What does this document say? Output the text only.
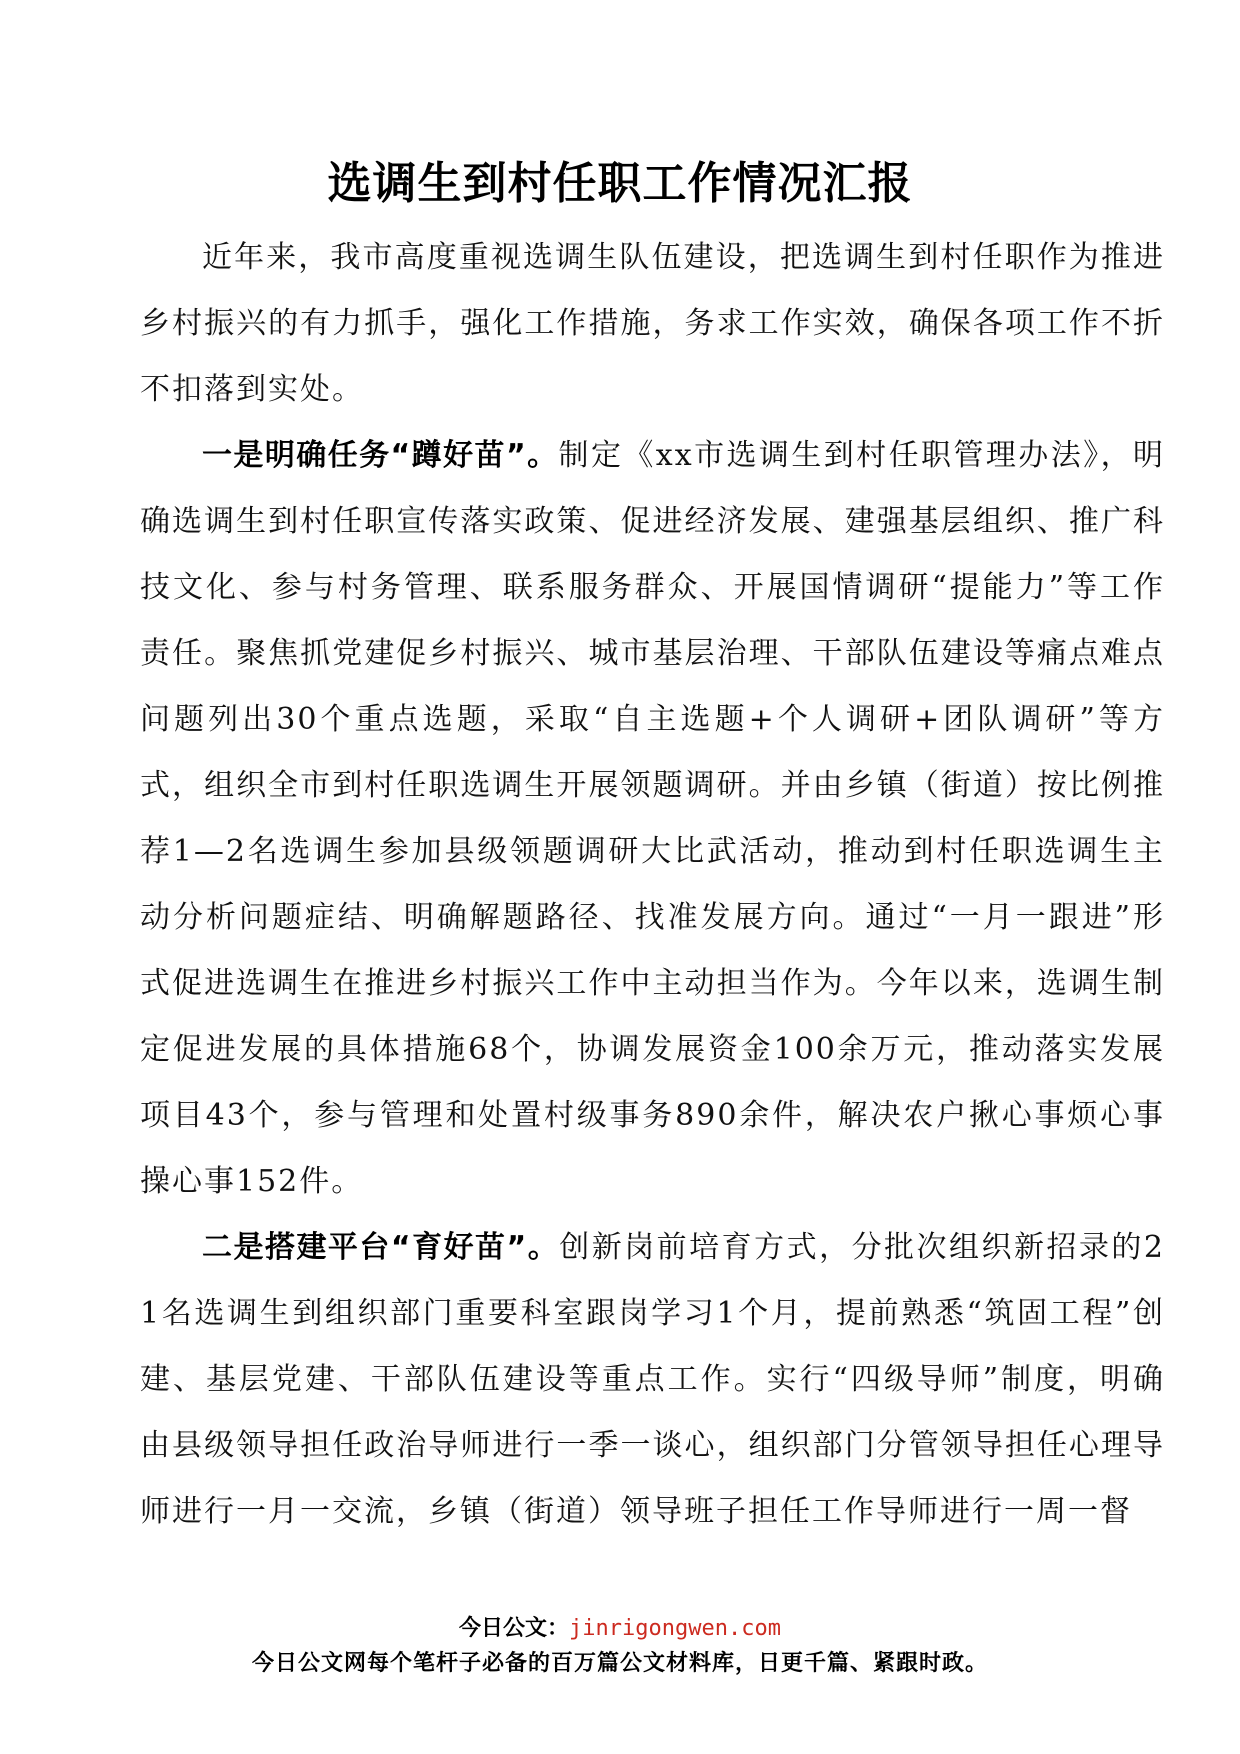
选调生到村任职工作情况汇报

近年来，我市高度重视选调生队伍建设，把选调生到村任职作为推进乡村振兴的有力抓手，强化工作措施，务求工作实效，确保各项工作不折不扣落到实处。

一是明确任务“蹲好苗”。制定《xx市选调生到村任职管理办法》，明确选调生到村任职宣传落实政策、促进经济发展、建强基层组织、推广科技文化、参与村务管理、联系服务群众、开展国情调研“提能力”等工作责任。聚焦抓党建促乡村振兴、城市基层治理、干部队伍建设等痛点难点问题列出30个重点选题，采取“自主选题+个人调研+团队调研”等方式，组织全市到村任职选调生开展领题调研。并由乡镇（街道）按比例推荐1—2名选调生参加县级领题调研大比武活动，推动到村任职选调生主动分析问题症结、明确解题路径、找准发展方向。通过“一月一跟进”形式促进选调生在推进乡村振兴工作中主动担当作为。今年以来，选调生制定促进发展的具体措施68个，协调发展资金100余万元，推动落实发展项目43个，参与管理和处置村级事务890余件，解决农户揪心事烦心事操心事152件。

二是搭建平台“育好苗”。创新岗前培育方式，分批次组织新招录的21名选调生到组织部门重要科室跟岗学习1个月，提前熟悉“筑固工程”创建、基层党建、干部队伍建设等重点工作。实行“四级导师”制度，明确由县级领导担任政治导师进行一季一谈心，组织部门分管领导担任心理导师进行一月一交流，乡镇（街道）领导班子担任工作导师进行一周一督

今日公文：jinrigongwen.com
今日公文网每个笔杆子必备的百万篇公文材料库，日更千篇、紧跟时政。
